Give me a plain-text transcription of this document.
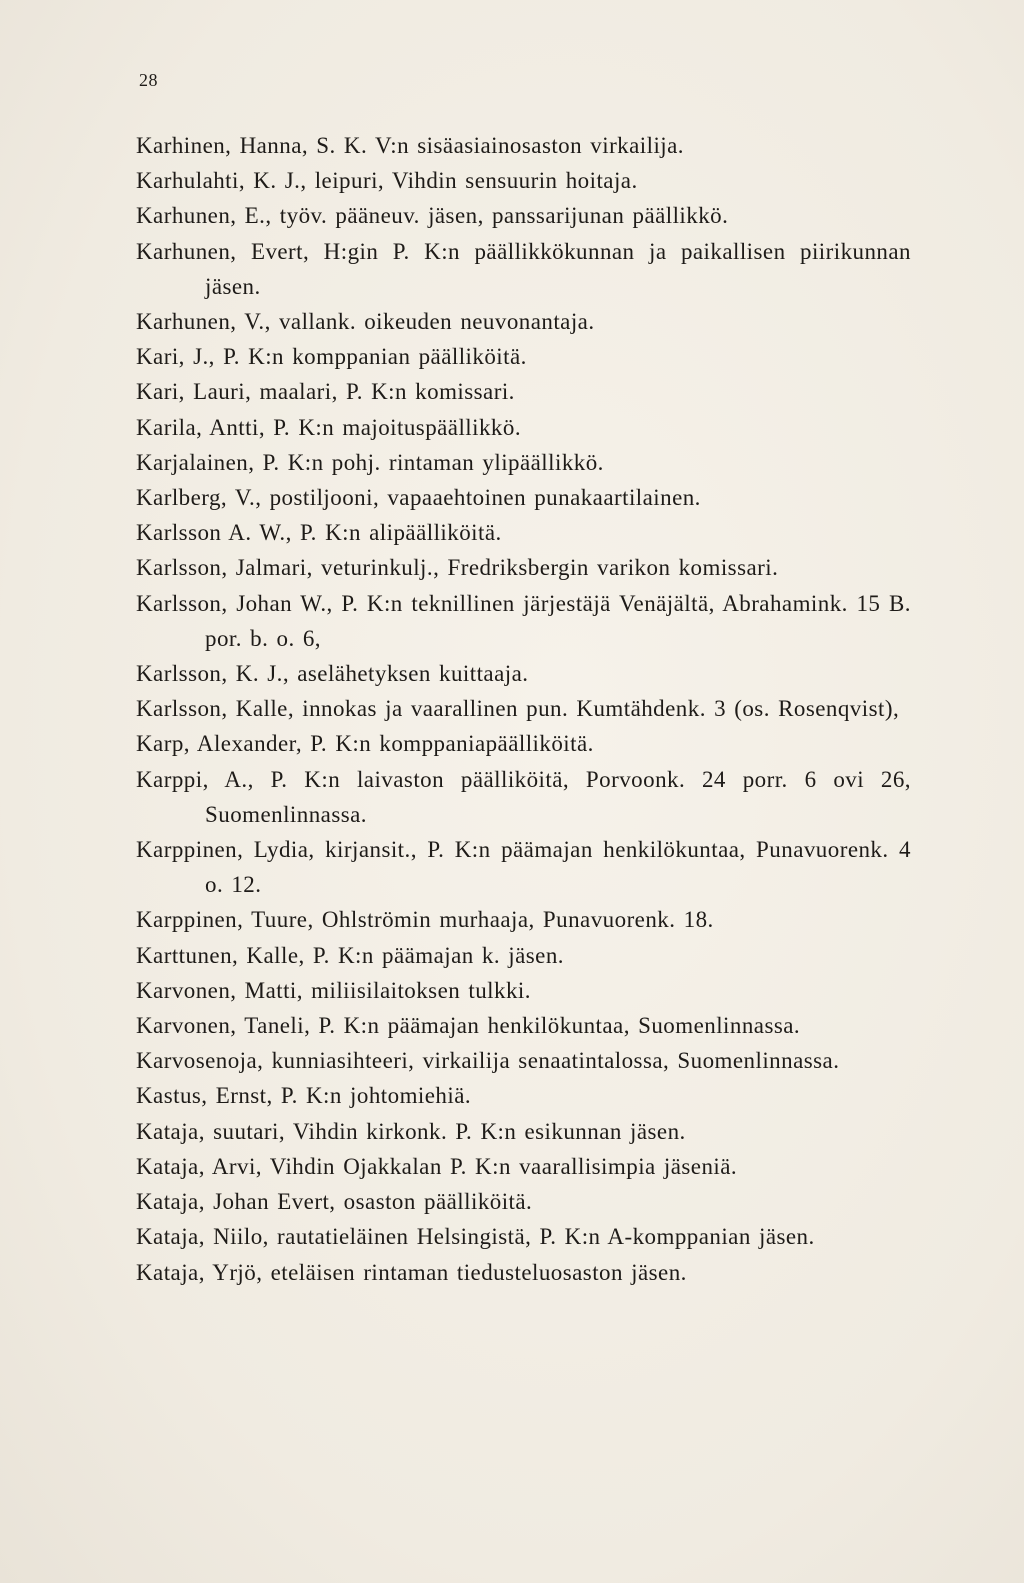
28
Karhinen, Hanna, S. K. V:n sisäasiainosaston virkailija.
Karhulahti, K. J., leipuri, Vihdin sensuurin hoitaja.
Karhunen, E., työv. pääneuv. jäsen, panssarijunan päällikkö.
Karhunen, Evert, H:gin P. K:n päällikkökunnan ja paikallisen piirikunnan jäsen.
Karhunen, V., vallank. oikeuden neuvonantaja.
Kari, J., P. K:n komppanian päälliköitä.
Kari, Lauri, maalari, P. K:n komissari.
Karila, Antti, P. K:n majoituspäällikkö.
Karjalainen, P. K:n pohj. rintaman ylipäällikkö.
Karlberg, V., postiljooni, vapaaehtoinen punakaartilainen.
Karlsson A. W., P. K:n alipäälliköitä.
Karlsson, Jalmari, veturinkulj., Fredriksbergin varikon komissari.
Karlsson, Johan W., P. K:n teknillinen järjestäjä Venäjältä, Abrahamink. 15 B. por. b. o. 6,
Karlsson, K. J., aselähetyksen kuittaaja.
Karlsson, Kalle, innokas ja vaarallinen pun. Kumtähdenk. 3 (os. Rosenqvist),
Karp, Alexander, P. K:n komppaniapäälliköitä.
Karppi, A., P. K:n laivaston päälliköitä, Porvoonk. 24 porr. 6 ovi 26, Suomenlinnassa.
Karppinen, Lydia, kirjansit., P. K:n päämajan henkilökuntaa, Punavuorenk. 4 o. 12.
Karppinen, Tuure, Ohlströmin murhaaja, Punavuorenk. 18.
Karttunen, Kalle, P. K:n päämajan k. jäsen.
Karvonen, Matti, miliisilaitoksen tulkki.
Karvonen, Taneli, P. K:n päämajan henkilökuntaa, Suomenlinnassa.
Karvosenoja, kunniasihteeri, virkailija senaatintalossa, Suomenlinnassa.
Kastus, Ernst, P. K:n johtomiehiä.
Kataja, suutari, Vihdin kirkonk. P. K:n esikunnan jäsen.
Kataja, Arvi, Vihdin Ojakkalan P. K:n vaarallisimpia jäseniä.
Kataja, Johan Evert, osaston päälliköitä.
Kataja, Niilo, rautatieläinen Helsingistä, P. K:n A-komppanian jäsen.
Kataja, Yrjö, eteläisen rintaman tiedusteluosaston jäsen.
